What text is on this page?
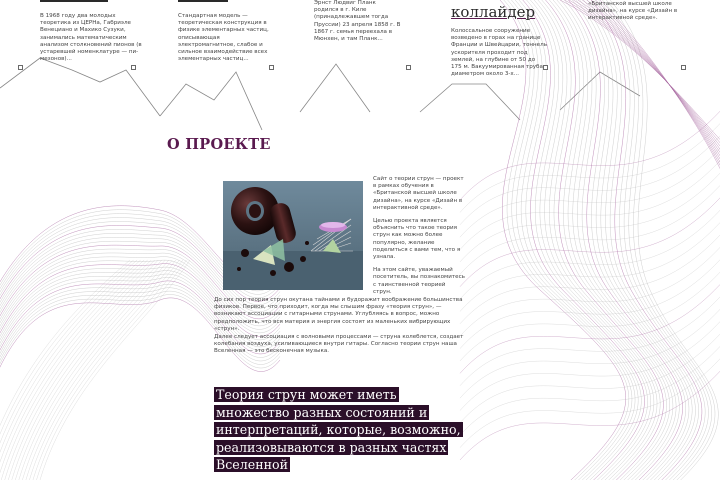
В 1968 году два молодых теоретика из ЦЕРНа, Габриэле Венециано и Махико Сузуки, занимались математическим анализом столкновений пионов (в устаревшей номенклатуре — пи-мезонов)...
Стандартная модель — теоретическая конструкция в физике элементарных частиц, описывающая электромагнитное, слабое и сильное взаимодействие всех элементарных частиц...
Эрнст Людвиг Планк родился в г. Киле (принадлежавшем тогда Пруссии) 23 апреля 1858 г. В 1867 г. семья переехала в Мюнхен, и там Планк...
коллайдер
Колоссальное сооружение возведено в горах на границе Франции и Швейцарии, тоннель ускорителя проходит под землей, на глубине от 50 до 175 м. Вакуумированная труба диаметром около 3-х...
«Британской высшей школе дизайна», на курсе «Дизайн в интерактивной среде».
О ПРОЕКТЕ

Сайт о теории струн — проект в рамках обучения в «Британской высшей школе дизайна», на курсе «Дизайн в интерактивной среде».

Целью проекта является объяснить что такое теория струн как можно более популярно, желание поделиться с вами тем, что я узнала.

На этом сайте, уважаемый посетитель, вы познакомитесь с таинственной теорией струн.

До сих пор теория струн окутана тайнами и будоражит воображение большинства физиков. Первое, что приходит, когда мы слышим фразу «теория струн», — возникают ассоциации с гитарными струнами. Углубляясь в вопрос, можно предположить, что вся материя и энергия состоят из маленьких вибрирующих «струн».

Далее следует ассоциация с волновыми процессами — струна колеблется, создает колебания воздуха, усиливающиеся внутри гитары. Согласно теории струн наша Вселенная — это бесконечная музыка.

Теория струн может иметь множество разных состояний и интерпретаций, которые, возможно, реализовываются в разных частях Вселенной
